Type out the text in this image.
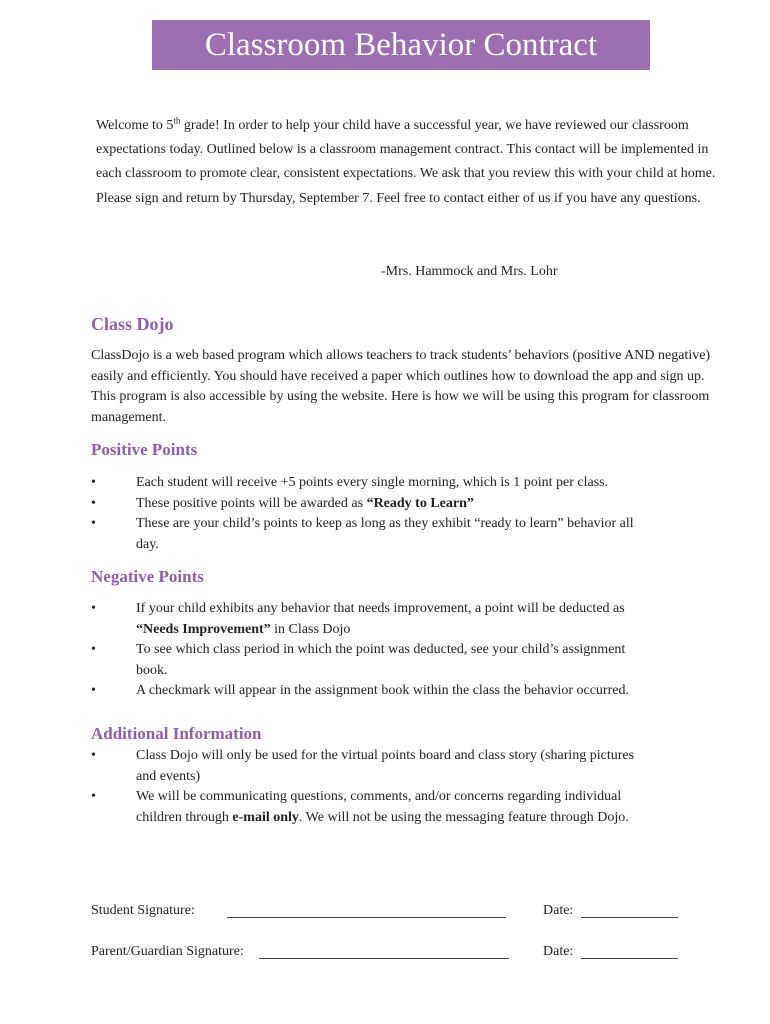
Classroom Behavior Contract
Welcome to 5th grade! In order to help your child have a successful year, we have reviewed our classroom expectations today. Outlined below is a classroom management contract. This contact will be implemented in each classroom to promote clear, consistent expectations. We ask that you review this with your child at home. Please sign and return by Thursday, September 7. Feel free to contact either of us if you have any questions.
-Mrs. Hammock and Mrs. Lohr
Class Dojo
ClassDojo is a web based program which allows teachers to track students’ behaviors (positive AND negative) easily and efficiently. You should have received a paper which outlines how to download the app and sign up. This program is also accessible by using the website. Here is how we will be using this program for classroom management.
Positive Points
•	Each student will receive +5 points every single morning, which is 1 point per class.
•	These positive points will be awarded as “Ready to Learn”
•	These are your child’s points to keep as long as they exhibit “ready to learn” behavior all day.
Negative Points
•	If your child exhibits any behavior that needs improvement, a point will be deducted as “Needs Improvement” in Class Dojo
•	To see which class period in which the point was deducted, see your child’s assignment book.
•	A checkmark will appear in the assignment book within the class the behavior occurred.
Additional Information
•	Class Dojo will only be used for the virtual points board and class story (sharing pictures and events)
•	We will be communicating questions, comments, and/or concerns regarding individual children through e-mail only. We will not be using the messaging feature through Dojo.
Student Signature:	Date:
Parent/Guardian Signature:	Date:
